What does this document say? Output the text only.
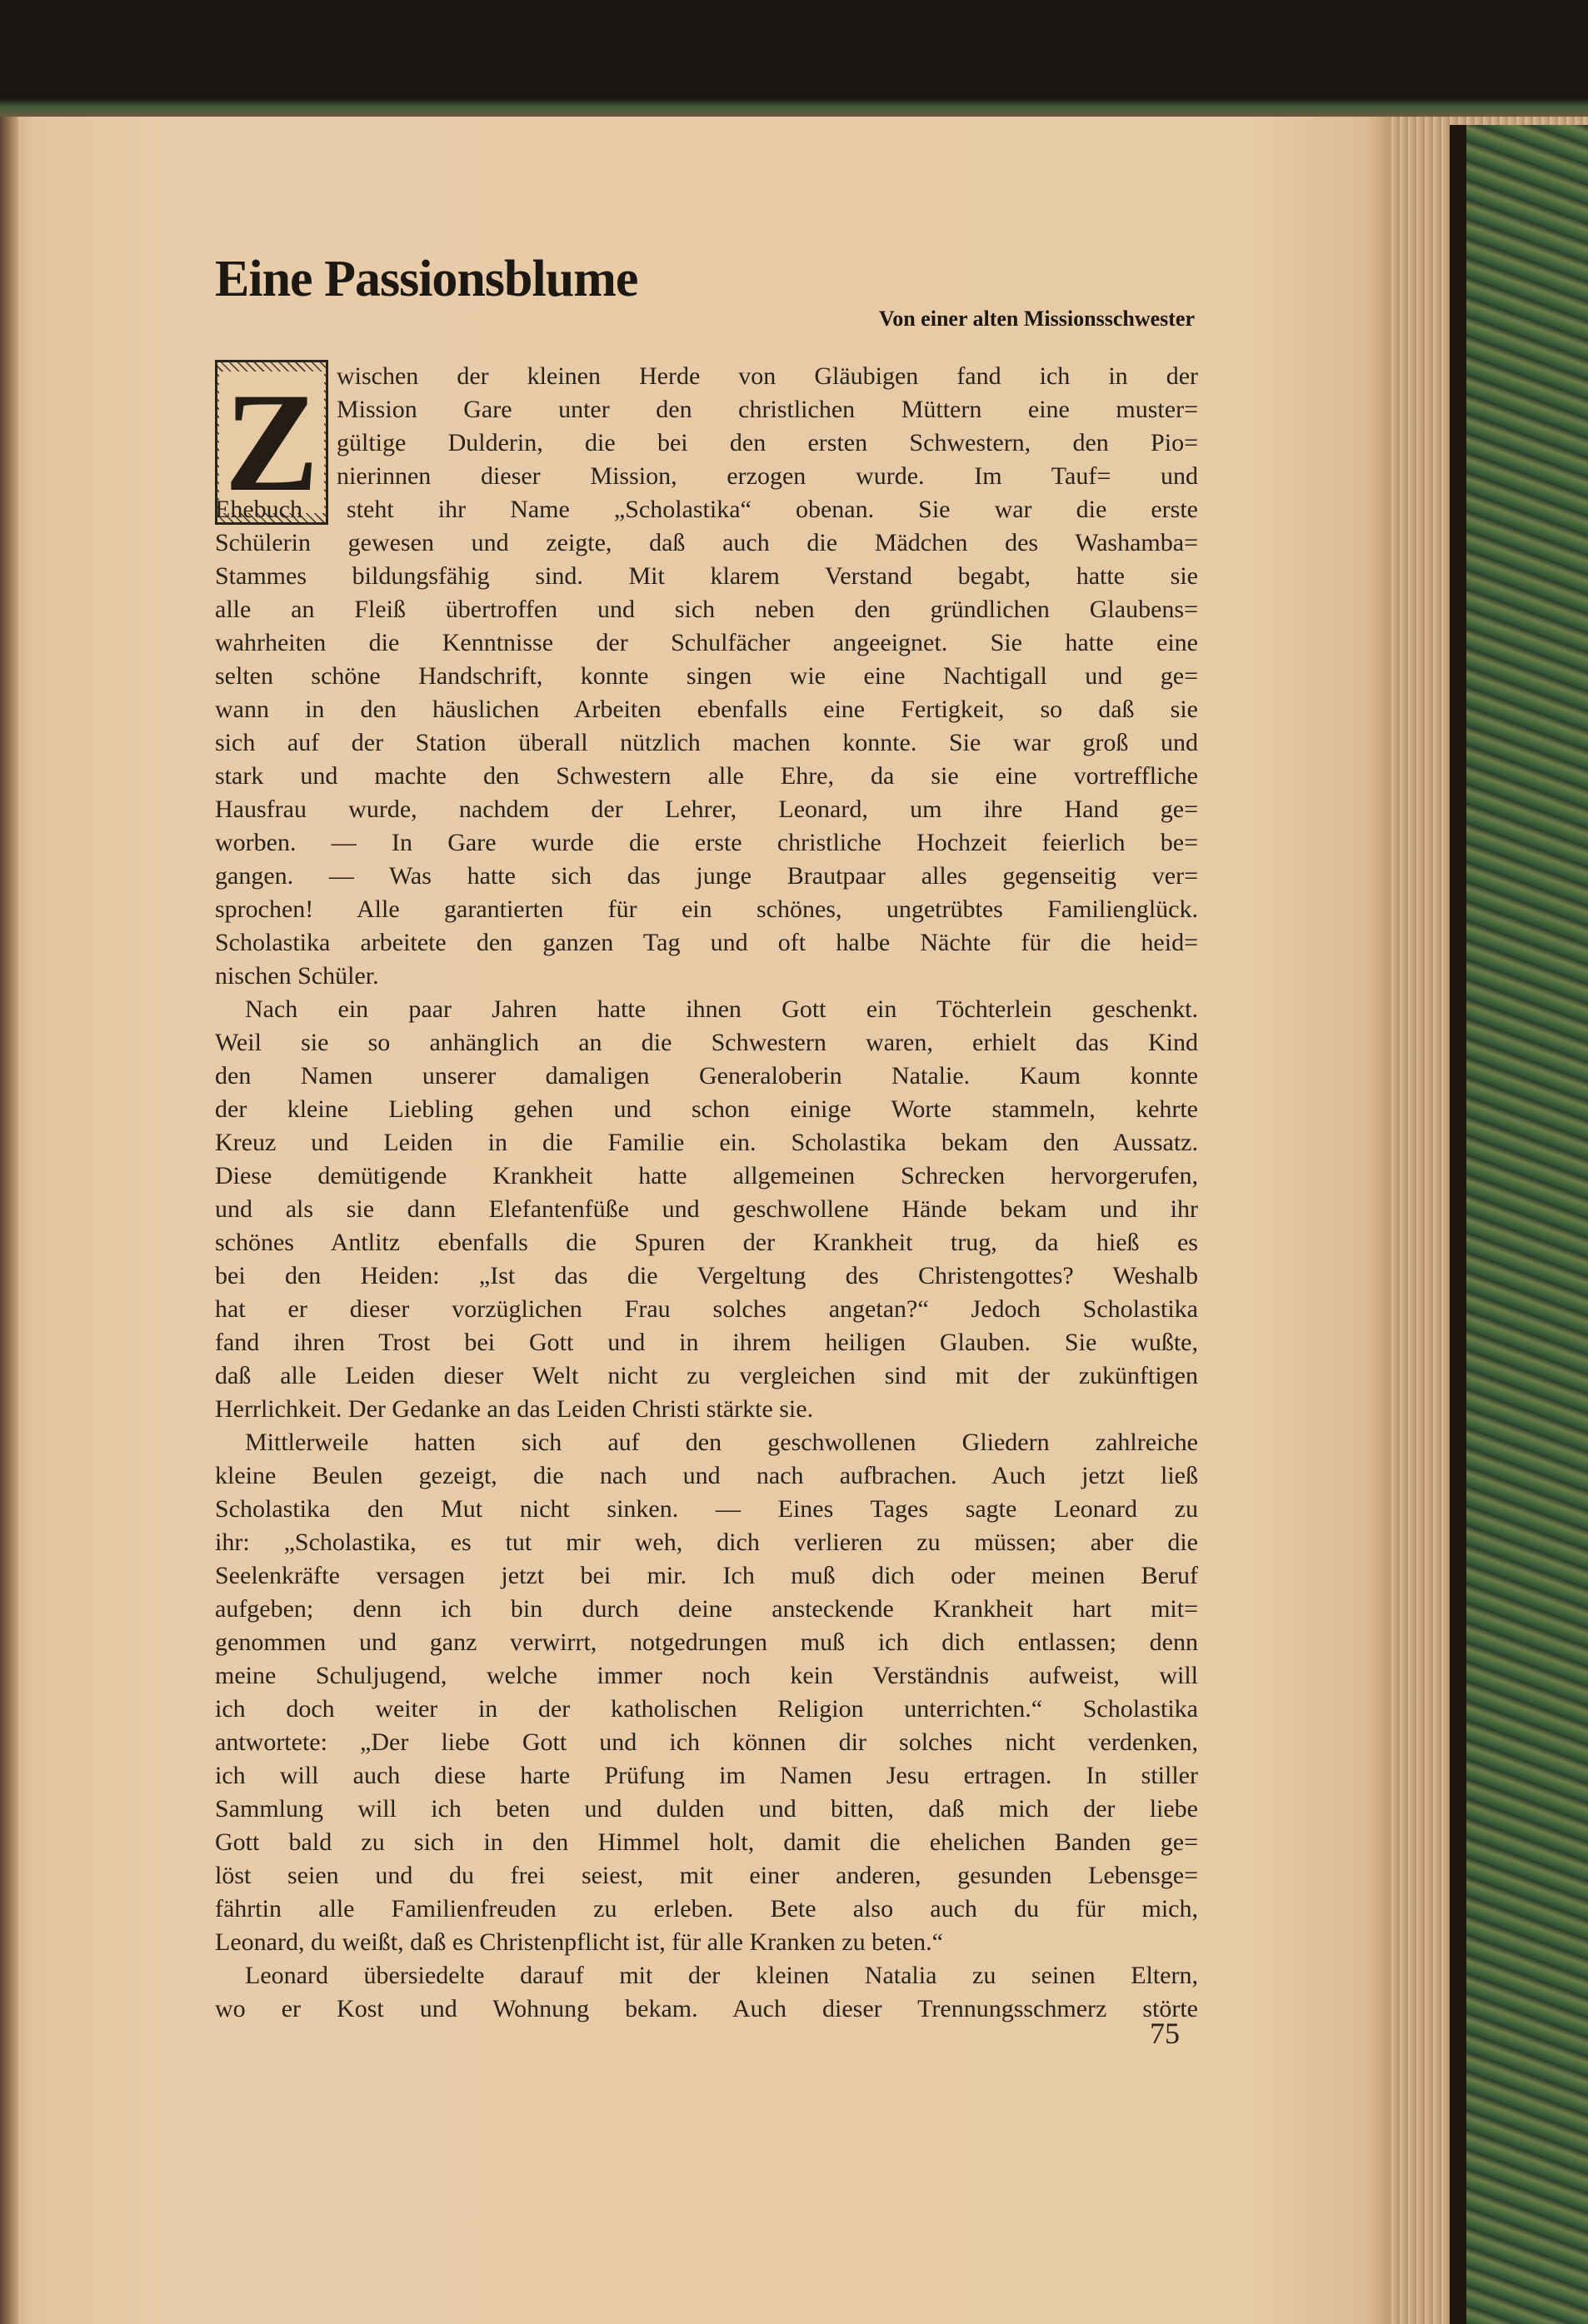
Eine Passionsblume
Von einer alten Missionsschwester
Z wischen der kleinen Herde von Gläubigen fand ich in der
Mission Gare unter den christlichen Müttern eine muster=
gültige Dulderin, die bei den ersten Schwestern, den Pio=
nierinnen dieser Mission, erzogen wurde. Im Tauf= und
Ehebuch steht ihr Name „Scholastika“ obenan. Sie war die erste
Schülerin gewesen und zeigte, daß auch die Mädchen des Washamba=
Stammes bildungsfähig sind. Mit klarem Verstand begabt, hatte sie
alle an Fleiß übertroffen und sich neben den gründlichen Glaubens=
wahrheiten die Kenntnisse der Schulfächer angeeignet. Sie hatte eine
selten schöne Handschrift, konnte singen wie eine Nachtigall und ge=
wann in den häuslichen Arbeiten ebenfalls eine Fertigkeit, so daß sie
sich auf der Station überall nützlich machen konnte. Sie war groß und
stark und machte den Schwestern alle Ehre, da sie eine vortreffliche
Hausfrau wurde, nachdem der Lehrer, Leonard, um ihre Hand ge=
worben. — In Gare wurde die erste christliche Hochzeit feierlich be=
gangen. — Was hatte sich das junge Brautpaar alles gegenseitig ver=
sprochen! Alle garantierten für ein schönes, ungetrübtes Familienglück.
Scholastika arbeitete den ganzen Tag und oft halbe Nächte für die heid=
nischen Schüler.
Nach ein paar Jahren hatte ihnen Gott ein Töchterlein geschenkt.
Weil sie so anhänglich an die Schwestern waren, erhielt das Kind
den Namen unserer damaligen Generaloberin Natalie. Kaum konnte
der kleine Liebling gehen und schon einige Worte stammeln, kehrte
Kreuz und Leiden in die Familie ein. Scholastika bekam den Aussatz.
Diese demütigende Krankheit hatte allgemeinen Schrecken hervorgerufen,
und als sie dann Elefantenfüße und geschwollene Hände bekam und ihr
schönes Antlitz ebenfalls die Spuren der Krankheit trug, da hieß es
bei den Heiden: „Ist das die Vergeltung des Christengottes? Weshalb
hat er dieser vorzüglichen Frau solches angetan?“ Jedoch Scholastika
fand ihren Trost bei Gott und in ihrem heiligen Glauben. Sie wußte,
daß alle Leiden dieser Welt nicht zu vergleichen sind mit der zukünftigen
Herrlichkeit. Der Gedanke an das Leiden Christi stärkte sie.
Mittlerweile hatten sich auf den geschwollenen Gliedern zahlreiche
kleine Beulen gezeigt, die nach und nach aufbrachen. Auch jetzt ließ
Scholastika den Mut nicht sinken. — Eines Tages sagte Leonard zu
ihr: „Scholastika, es tut mir weh, dich verlieren zu müssen; aber die
Seelenkräfte versagen jetzt bei mir. Ich muß dich oder meinen Beruf
aufgeben; denn ich bin durch deine ansteckende Krankheit hart mit=
genommen und ganz verwirrt, notgedrungen muß ich dich entlassen; denn
meine Schuljugend, welche immer noch kein Verständnis aufweist, will
ich doch weiter in der katholischen Religion unterrichten.“ Scholastika
antwortete: „Der liebe Gott und ich können dir solches nicht verdenken,
ich will auch diese harte Prüfung im Namen Jesu ertragen. In stiller
Sammlung will ich beten und dulden und bitten, daß mich der liebe
Gott bald zu sich in den Himmel holt, damit die ehelichen Banden ge=
löst seien und du frei seiest, mit einer anderen, gesunden Lebensge=
fährtin alle Familienfreuden zu erleben. Bete also auch du für mich,
Leonard, du weißt, daß es Christenpflicht ist, für alle Kranken zu beten.“
Leonard übersiedelte darauf mit der kleinen Natalia zu seinen Eltern,
wo er Kost und Wohnung bekam. Auch dieser Trennungsschmerz störte
75
